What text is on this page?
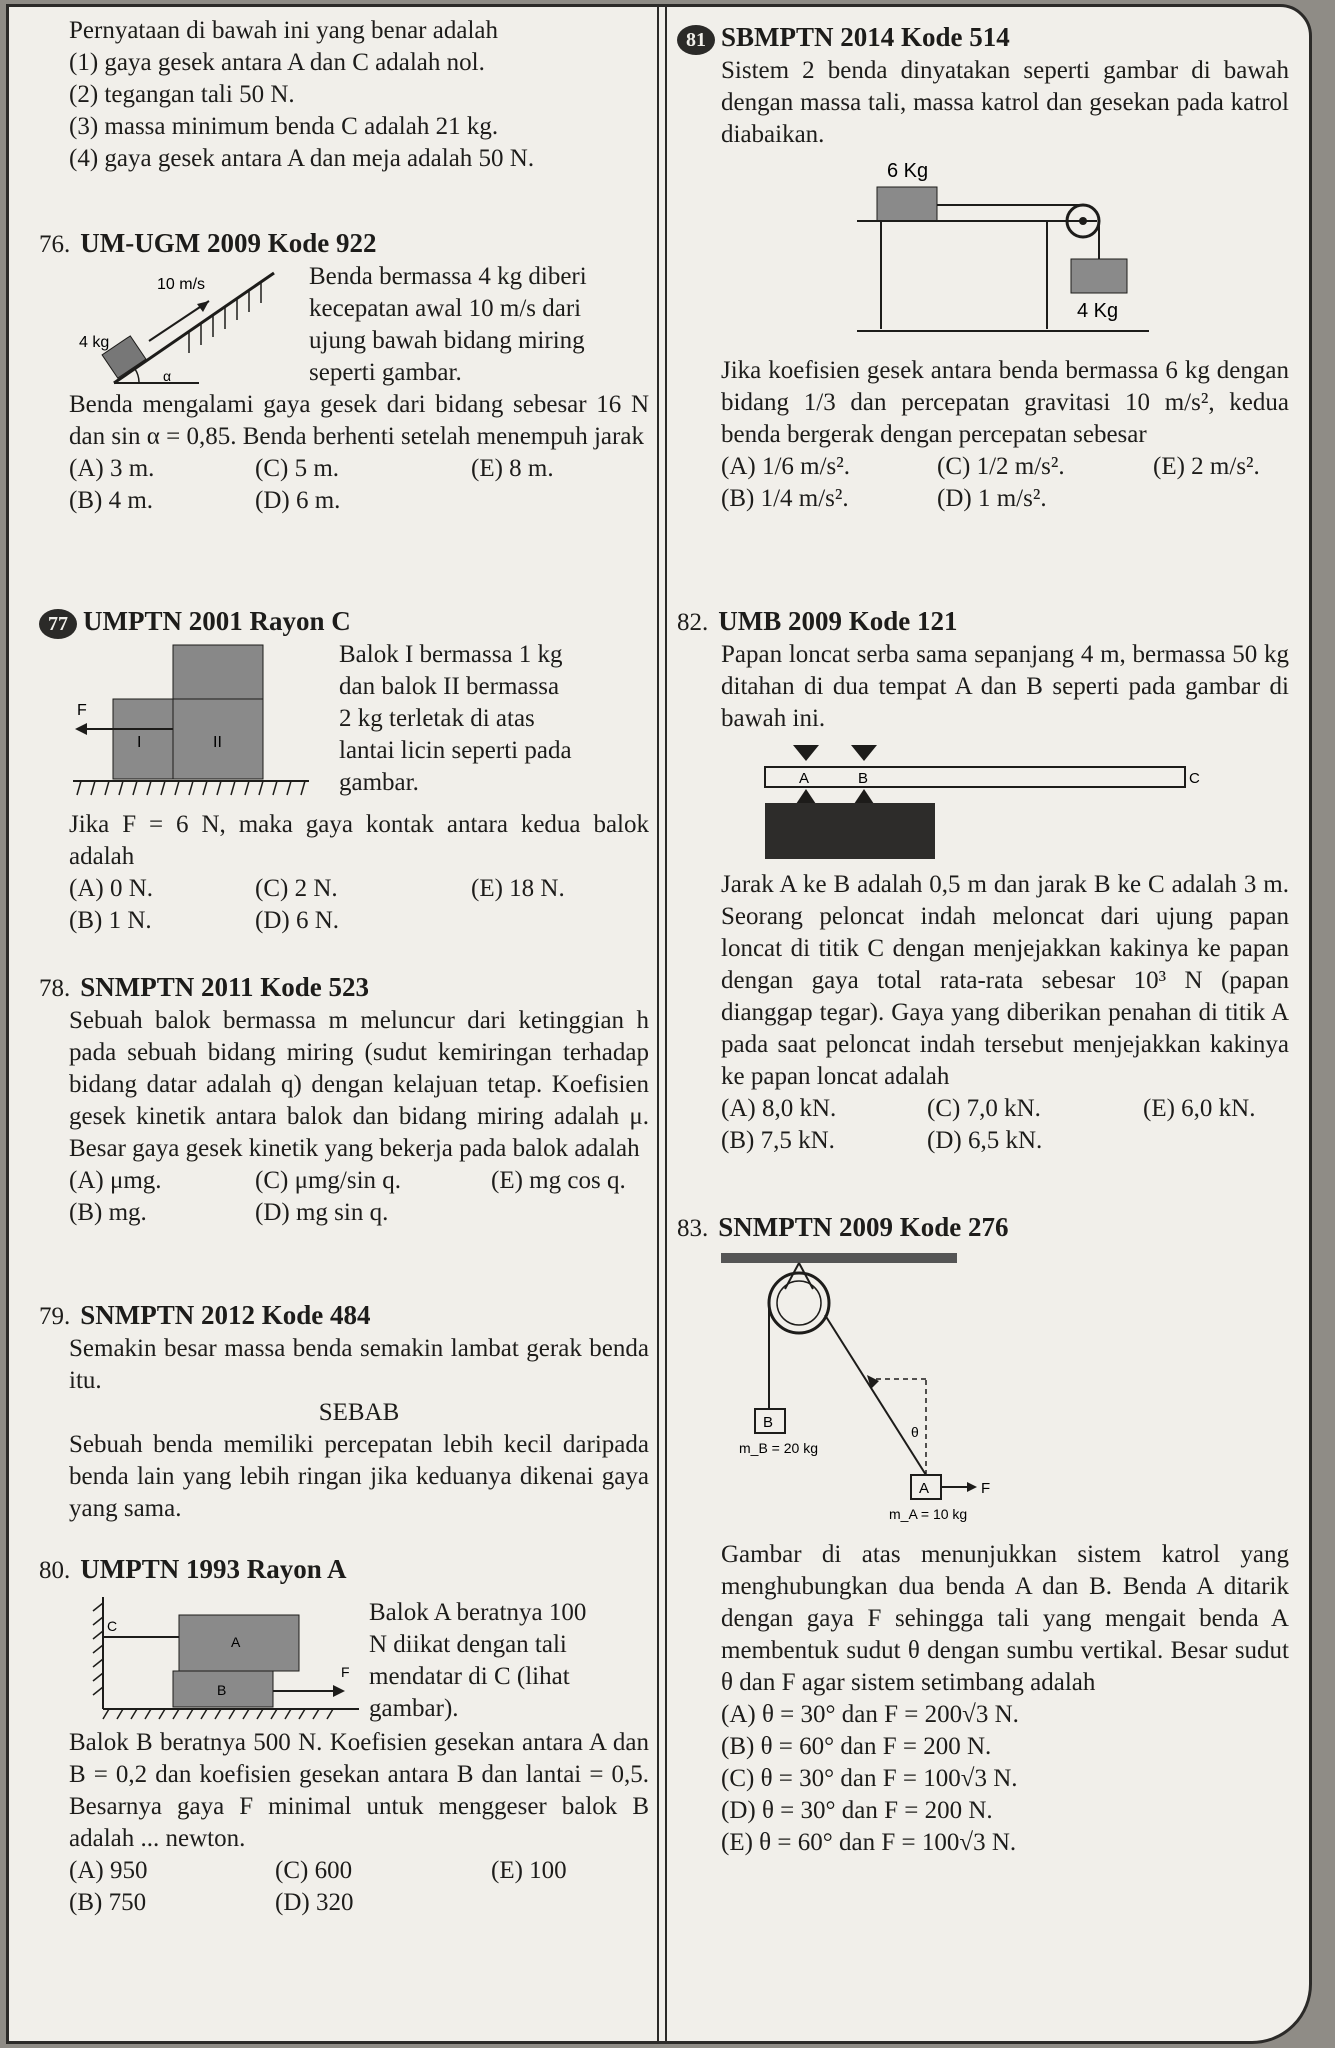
Pernyataan di bawah ini yang benar adalah
(1) gaya gesek antara A dan C adalah nol.
(2) tegangan tali 50 N.
(3) massa minimum benda C adalah 21 kg.
(4) gaya gesek antara A dan meja adalah 50 N.
76. UM-UGM 2009 Kode 922
10 m/s
4 kg
α
Benda bermassa 4 kg diberi
kecepatan awal 10 m/s dari
ujung bawah bidang miring
seperti gambar.
Benda mengalami gaya gesek dari bidang sebesar 16 N dan sin α = 0,85. Benda berhenti setelah menempuh jarak
(A) 3 m.	(C) 5 m.	(E) 8 m.
(B) 4 m.	(D) 6 m.
77 UMPTN 2001 Rayon C
I	II
F
Balok I bermassa 1 kg
dan balok II bermassa
2 kg terletak di atas
lantai licin seperti pada
gambar.
Jika F = 6 N, maka gaya kontak antara kedua balok adalah
(A) 0 N.	(C) 2 N.	(E) 18 N.
(B) 1 N.	(D) 6 N.
78. SNMPTN 2011 Kode 523
Sebuah balok bermassa m meluncur dari ketinggian h pada sebuah bidang miring (sudut kemiringan terhadap bidang datar adalah q) dengan kelajuan tetap. Koefisien gesek kinetik antara balok dan bidang miring adalah μ. Besar gaya gesek kinetik yang bekerja pada balok adalah
(A) μmg.	(C) μmg/sin q.	(E) mg cos q.
(B) mg.	(D) mg sin q.
79. SNMPTN 2012 Kode 484
Semakin besar massa benda semakin lambat gerak benda itu.
SEBAB
Sebuah benda memiliki percepatan lebih kecil daripada benda lain yang lebih ringan jika keduanya dikenai gaya yang sama.
80. UMPTN 1993 Rayon A
C
A
B
F
Balok A beratnya 100
N diikat dengan tali
mendatar di C (lihat
gambar).
Balok B beratnya 500 N. Koefisien gesekan antara A dan B = 0,2 dan koefisien gesekan antara B dan lantai = 0,5. Besarnya gaya F minimal untuk menggeser balok B adalah ... newton.
(A) 950	(C) 600	(E) 100
(B) 750	(D) 320
81 SBMPTN 2014 Kode 514
Sistem 2 benda dinyatakan seperti gambar di bawah dengan massa tali, massa katrol dan gesekan pada katrol diabaikan.
6 Kg
4 Kg
Jika koefisien gesek antara benda bermassa 6 kg dengan bidang 1/3 dan percepatan gravitasi 10 m/s², kedua benda bergerak dengan percepatan sebesar
(A) 1/6 m/s².	(C) 1/2 m/s².	(E) 2 m/s².
(B) 1/4 m/s².	(D) 1 m/s².
82. UMB 2009 Kode 121
Papan loncat serba sama sepanjang 4 m, bermassa 50 kg ditahan di dua tempat A dan B seperti pada gambar di bawah ini.
A	B	C
Jarak A ke B adalah 0,5 m dan jarak B ke C adalah 3 m. Seorang peloncat indah meloncat dari ujung papan loncat di titik C dengan menjejakkan kakinya ke papan dengan gaya total rata-rata sebesar 10³ N (papan dianggap tegar). Gaya yang diberikan penahan di titik A pada saat peloncat indah tersebut menjejakkan kakinya ke papan loncat adalah
(A) 8,0 kN.	(C) 7,0 kN.	(E) 6,0 kN.
(B) 7,5 kN.	(D) 6,5 kN.
83. SNMPTN 2009 Kode 276
B
m_B = 20 kg
θ
A	F
m_A = 10 kg
Gambar di atas menunjukkan sistem katrol yang menghubungkan dua benda A dan B. Benda A ditarik dengan gaya F sehingga tali yang mengait benda A membentuk sudut θ dengan sumbu vertikal. Besar sudut θ dan F agar sistem setimbang adalah
(A) θ = 30° dan F = 200√3 N.
(B) θ = 60° dan F = 200 N.
(C) θ = 30° dan F = 100√3 N.
(D) θ = 30° dan F = 200 N.
(E) θ = 60° dan F = 100√3 N.
